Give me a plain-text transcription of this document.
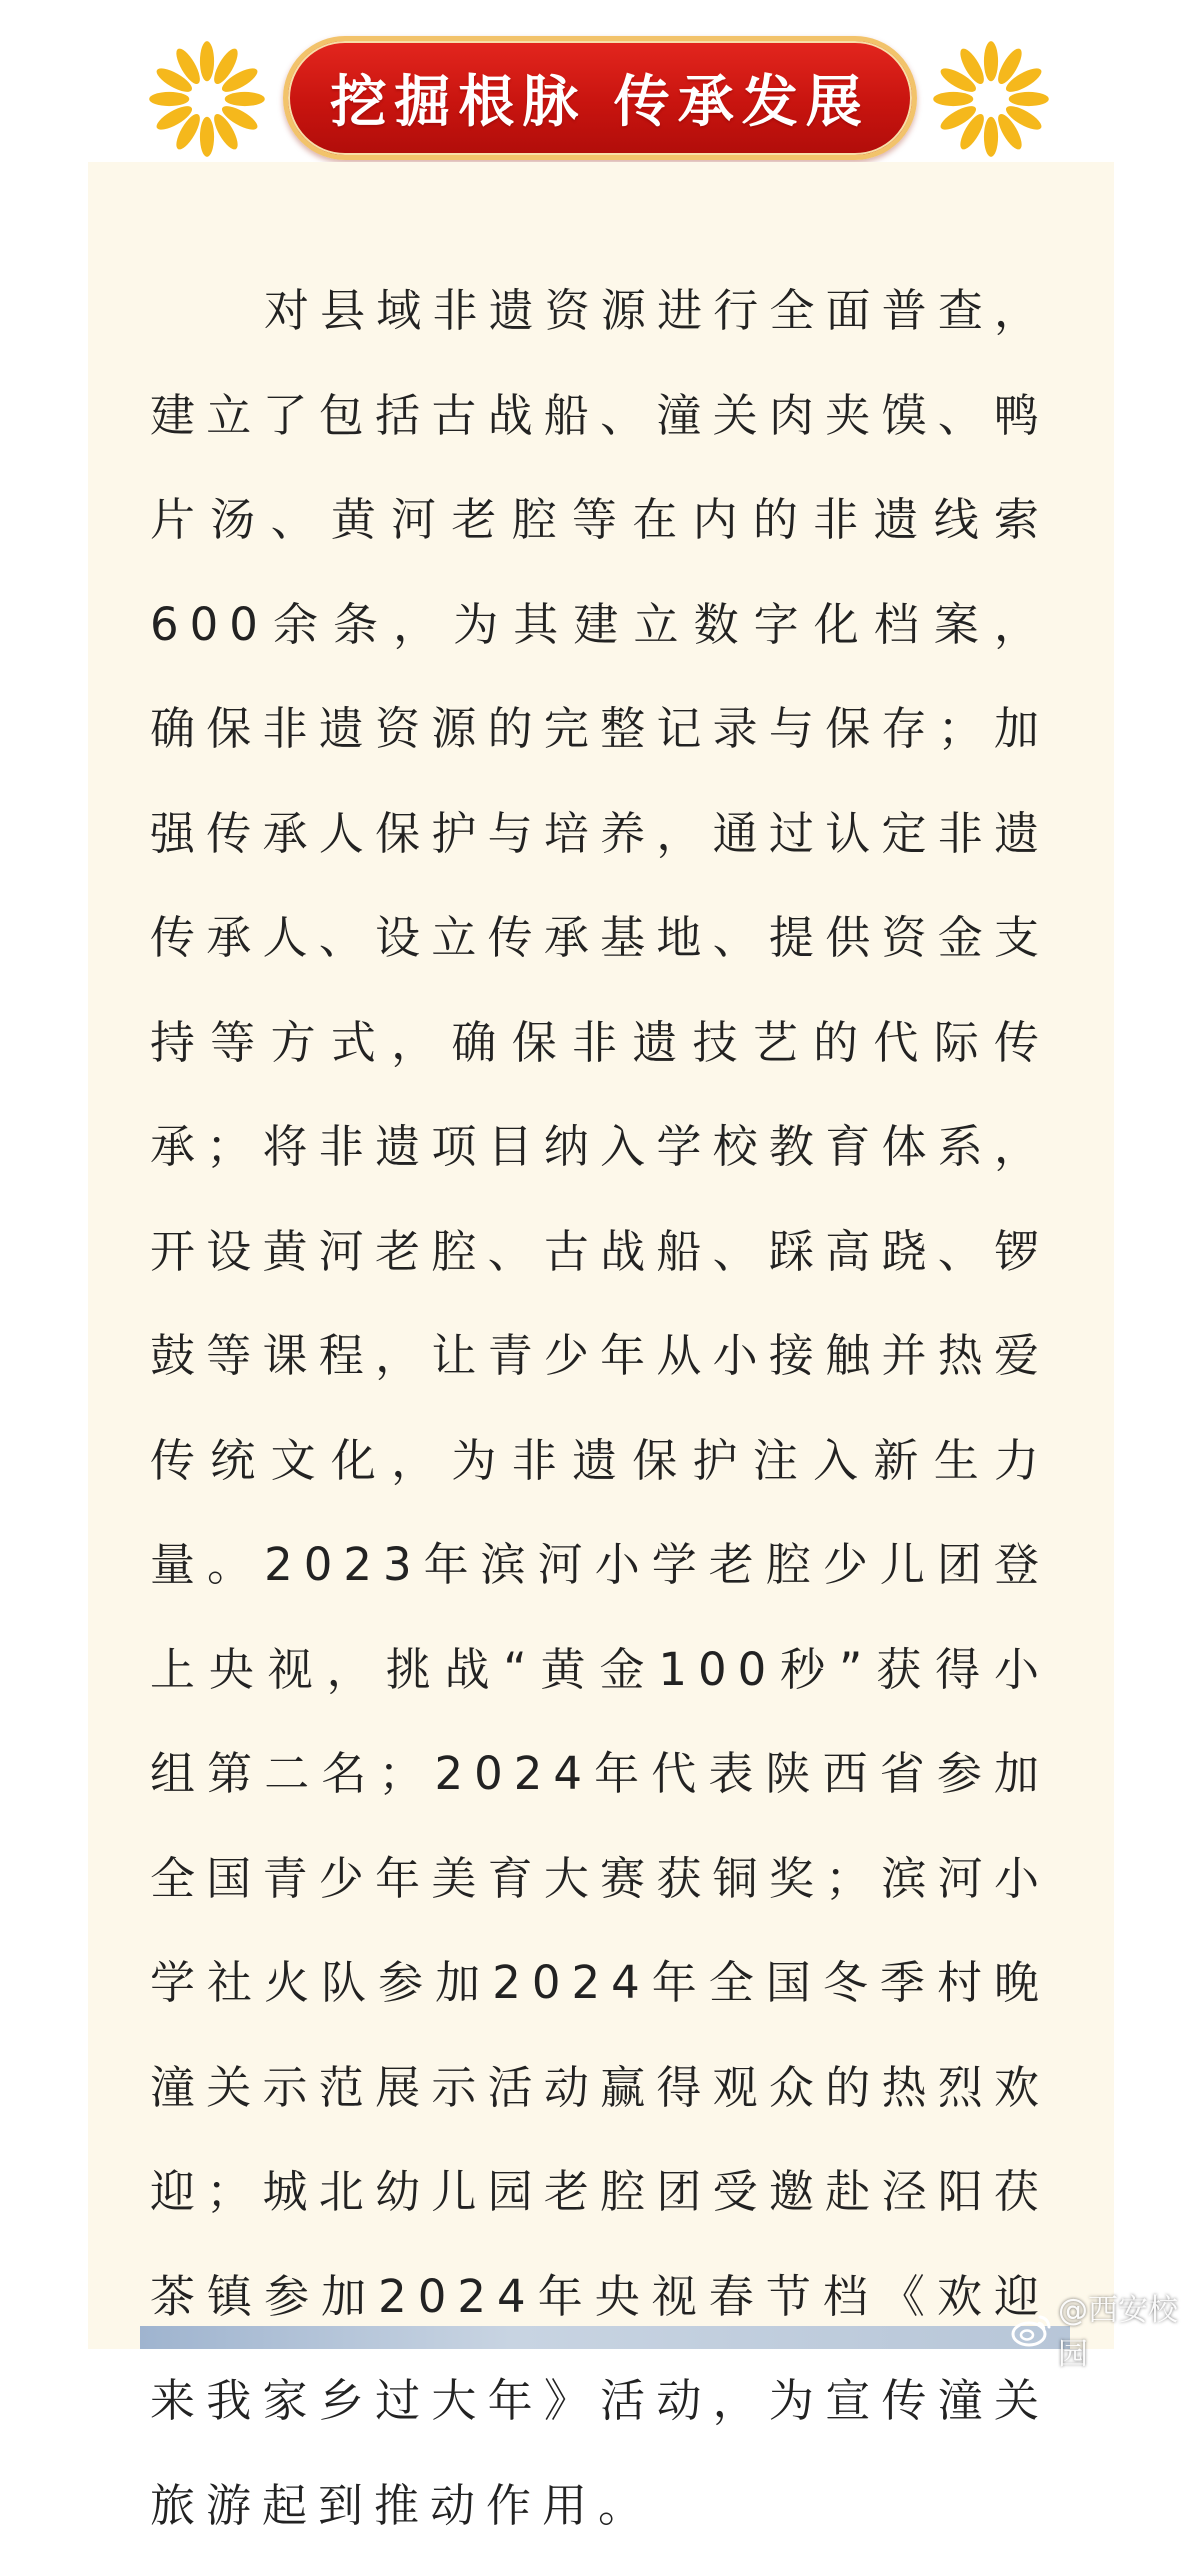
挖掘根脉 传承发展

对县域非遗资源进行全面普查，建立了包括古战船、潼关肉夹馍、鸭片汤、黄河老腔等在内的非遗线索600余条，为其建立数字化档案，确保非遗资源的完整记录与保存；加强传承人保护与培养，通过认定非遗传承人、设立传承基地、提供资金支持等方式，确保非遗技艺的代际传承；将非遗项目纳入学校教育体系，开设黄河老腔、古战船、踩高跷、锣鼓等课程，让青少年从小接触并热爱传统文化，为非遗保护注入新生力量。2023年滨河小学老腔少儿团登上央视，挑战“黄金100秒”获得小组第二名；2024年代表陕西省参加全国青少年美育大赛获铜奖；滨河小学社火队参加2024年全国冬季村晚潼关示范展示活动赢得观众的热烈欢迎；城北幼儿园老腔团受邀赴泾阳茯茶镇参加2024年央视春节档《欢迎来我家乡过大年》活动，为宣传潼关旅游起到推动作用。

@西安校园
